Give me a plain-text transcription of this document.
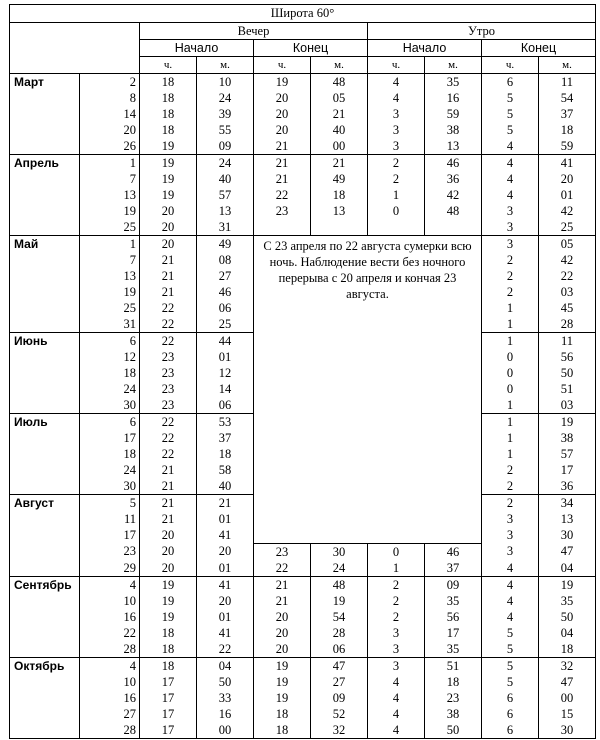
Широта 60°									
		Вечер				Утро			
		Начало		Конец		Начало		Конец	
		ч.	м.	ч.	м.	ч.	м.	ч.	м.
Март	2	18	10	19	48	4	35	6	11
	8	18	24	20	05	4	16	5	54
	14	18	39	20	21	3	59	5	37
	20	18	55	20	40	3	38	5	18
	26	19	09	21	00	3	13	4	59
Апрель	1	19	24	21	21	2	46	4	41
	7	19	40	21	49	2	36	4	20
	13	19	57	22	18	1	42	4	01
	19	20	13	23	13	0	48	3	42
	25	20	31					3	25
Май	1	20	49	С 23 апреля по 22 августа сумерки всю ночь. Наблюдение вести без ночного перерыва с 20 апреля и кончая 23 августа.				3	05
	7	21	08					2	42
	13	21	27					2	22
	19	21	46					2	03
	25	22	06					1	45
	31	22	25					1	28
Июнь	6	22	44					1	11
	12	23	01					0	56
	18	23	12					0	50
	24	23	14					0	51
	30	23	06					1	03
Июль	6	22	53					1	19
	17	22	37					1	38
	18	22	18					1	57
	24	21	58					2	17
	30	21	40					2	36
Август	5	21	21					2	34
	11	21	01					3	13
	17	20	41					3	30
	23	20	20	23	30	0	46	3	47
	29	20	01	22	24	1	37	4	04
Сентябрь	4	19	41	21	48	2	09	4	19
	10	19	20	21	19	2	35	4	35
	16	19	01	20	54	2	56	4	50
	22	18	41	20	28	3	17	5	04
	28	18	22	20	06	3	35	5	18
Октябрь	4	18	04	19	47	3	51	5	32
	10	17	50	19	27	4	18	5	47
	16	17	33	19	09	4	23	6	00
	27	17	16	18	52	4	38	6	15
	28	17	00	18	32	4	50	6	30
